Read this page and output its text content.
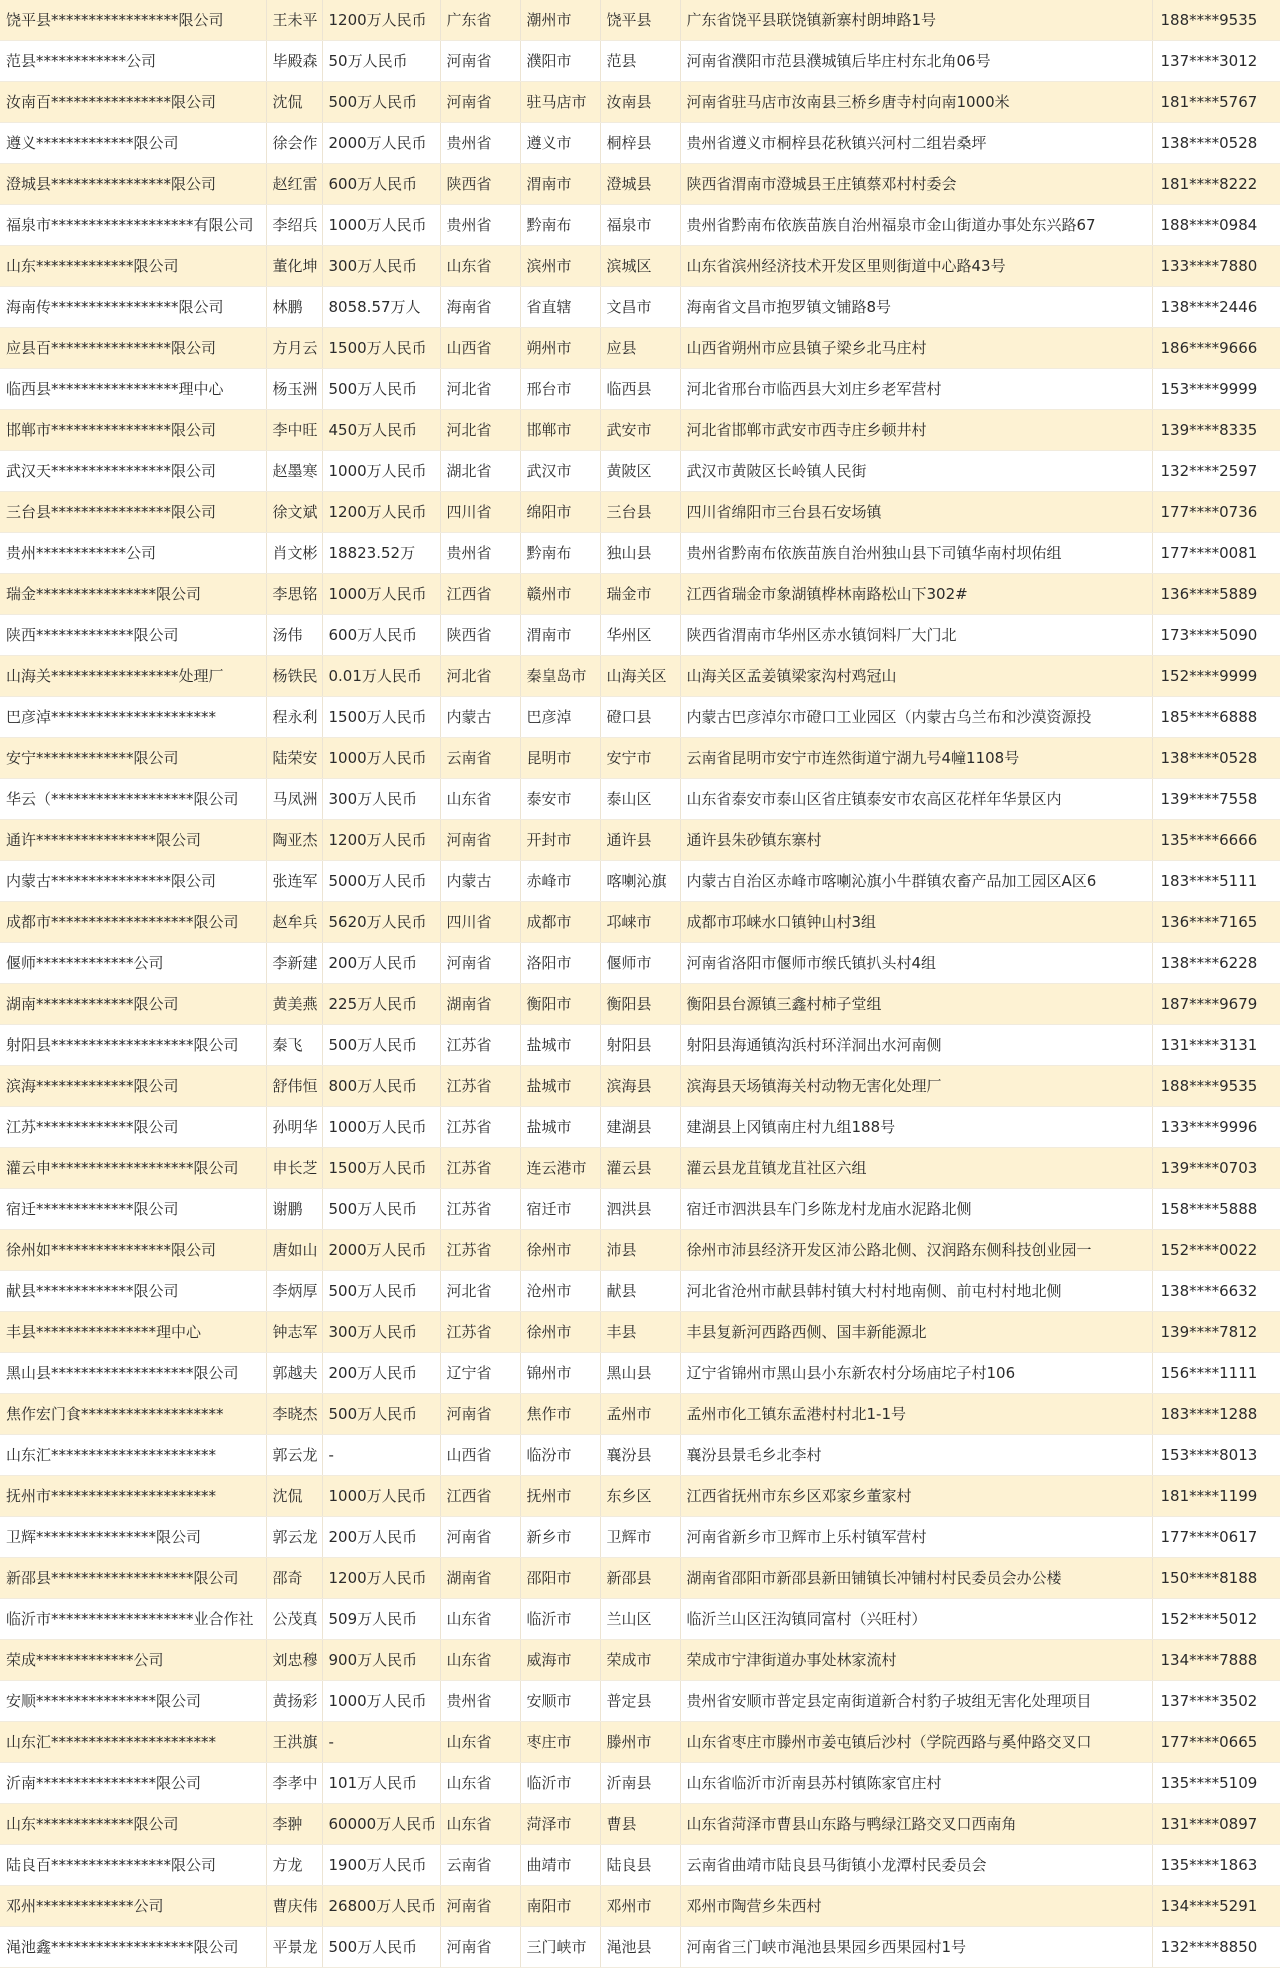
饶平县*****************限公司	王未平	1200万人民币	广东省	潮州市	饶平县	广东省饶平县联饶镇新寨村朗坤路1号	188****9535
范县************公司	毕殿森	50万人民币	河南省	濮阳市	范县	河南省濮阳市范县濮城镇后毕庄村东北角06号	137****3012
汝南百****************限公司	沈侃	500万人民币	河南省	驻马店市	汝南县	河南省驻马店市汝南县三桥乡唐寺村向南1000米	181****5767
遵义*************限公司	徐会作	2000万人民币	贵州省	遵义市	桐梓县	贵州省遵义市桐梓县花秋镇兴河村二组岩桑坪	138****0528
澄城县****************限公司	赵红雷	600万人民币	陕西省	渭南市	澄城县	陕西省渭南市澄城县王庄镇蔡邓村村委会	181****8222
福泉市*******************有限公司	李绍兵	1000万人民币	贵州省	黔南布	福泉市	贵州省黔南布依族苗族自治州福泉市金山街道办事处东兴路67	188****0984
山东*************限公司	董化坤	300万人民币	山东省	滨州市	滨城区	山东省滨州经济技术开发区里则街道中心路43号	133****7880
海南传*****************限公司	林鹏	8058.57万人	海南省	省直辖	文昌市	海南省文昌市抱罗镇文铺路8号	138****2446
应县百****************限公司	方月云	1500万人民币	山西省	朔州市	应县	山西省朔州市应县镇子梁乡北马庄村	186****9666
临西县*****************理中心	杨玉洲	500万人民币	河北省	邢台市	临西县	河北省邢台市临西县大刘庄乡老军营村	153****9999
邯郸市****************限公司	李中旺	450万人民币	河北省	邯郸市	武安市	河北省邯郸市武安市西寺庄乡顿井村	139****8335
武汉天****************限公司	赵墨寒	1000万人民币	湖北省	武汉市	黄陂区	武汉市黄陂区长岭镇人民街	132****2597
三台县****************限公司	徐文斌	1200万人民币	四川省	绵阳市	三台县	四川省绵阳市三台县石安场镇	177****0736
贵州************公司	肖文彬	18823.52万	贵州省	黔南布	独山县	贵州省黔南布依族苗族自治州独山县下司镇华南村坝佑组	177****0081
瑞金****************限公司	李思铭	1000万人民币	江西省	赣州市	瑞金市	江西省瑞金市象湖镇桦林南路松山下302#	136****5889
陕西*************限公司	汤伟	600万人民币	陕西省	渭南市	华州区	陕西省渭南市华州区赤水镇饲料厂大门北	173****5090
山海关*****************处理厂	杨铁民	0.01万人民币	河北省	秦皇岛市	山海关区	山海关区孟姜镇梁家沟村鸡冠山	152****9999
巴彦淖**********************	程永利	1500万人民币	内蒙古	巴彦淖	磴口县	内蒙古巴彦淖尔市磴口工业园区（内蒙古乌兰布和沙漠资源投	185****6888
安宁*************限公司	陆荣安	1000万人民币	云南省	昆明市	安宁市	云南省昆明市安宁市连然街道宁湖九号4幢1108号	138****0528
华云（*******************限公司	马凤洲	300万人民币	山东省	泰安市	泰山区	山东省泰安市泰山区省庄镇泰安市农高区花样年华景区内	139****7558
通许****************限公司	陶亚杰	1200万人民币	河南省	开封市	通许县	通许县朱砂镇东寨村	135****6666
内蒙古****************限公司	张连军	5000万人民币	内蒙古	赤峰市	喀喇沁旗	内蒙古自治区赤峰市喀喇沁旗小牛群镇农畜产品加工园区A区6	183****5111
成都市*******************限公司	赵牟兵	5620万人民币	四川省	成都市	邛崃市	成都市邛崃水口镇钟山村3组	136****7165
偃师*************公司	李新建	200万人民币	河南省	洛阳市	偃师市	河南省洛阳市偃师市缑氏镇扒头村4组	138****6228
湖南*************限公司	黄美燕	225万人民币	湖南省	衡阳市	衡阳县	衡阳县台源镇三鑫村柿子堂组	187****9679
射阳县*******************限公司	秦飞	500万人民币	江苏省	盐城市	射阳县	射阳县海通镇沟浜村环洋洞出水河南侧	131****3131
滨海*************限公司	舒伟恒	800万人民币	江苏省	盐城市	滨海县	滨海县天场镇海关村动物无害化处理厂	188****9535
江苏*************限公司	孙明华	1000万人民币	江苏省	盐城市	建湖县	建湖县上冈镇南庄村九组188号	133****9996
灌云申*******************限公司	申长芝	1500万人民币	江苏省	连云港市	灌云县	灌云县龙苴镇龙苴社区六组	139****0703
宿迁*************限公司	谢鹏	500万人民币	江苏省	宿迁市	泗洪县	宿迁市泗洪县车门乡陈龙村龙庙水泥路北侧	158****5888
徐州如****************限公司	唐如山	2000万人民币	江苏省	徐州市	沛县	徐州市沛县经济开发区沛公路北侧、汉润路东侧科技创业园一	152****0022
献县*************限公司	李炳厚	500万人民币	河北省	沧州市	献县	河北省沧州市献县韩村镇大村村地南侧、前屯村村地北侧	138****6632
丰县****************理中心	钟志军	300万人民币	江苏省	徐州市	丰县	丰县复新河西路西侧、国丰新能源北	139****7812
黑山县*******************限公司	郭越夫	200万人民币	辽宁省	锦州市	黑山县	辽宁省锦州市黑山县小东新农村分场庙坨子村106	156****1111
焦作宏门食*******************	李晓杰	500万人民币	河南省	焦作市	孟州市	孟州市化工镇东孟港村村北1-1号	183****1288
山东汇**********************	郭云龙	-	山西省	临汾市	襄汾县	襄汾县景毛乡北李村	153****8013
抚州市**********************	沈侃	1000万人民币	江西省	抚州市	东乡区	江西省抚州市东乡区邓家乡董家村	181****1199
卫辉****************限公司	郭云龙	200万人民币	河南省	新乡市	卫辉市	河南省新乡市卫辉市上乐村镇军营村	177****0617
新邵县*******************限公司	邵奇	1200万人民币	湖南省	邵阳市	新邵县	湖南省邵阳市新邵县新田铺镇长冲铺村村民委员会办公楼	150****8188
临沂市*******************业合作社	公茂真	509万人民币	山东省	临沂市	兰山区	临沂兰山区汪沟镇同富村（兴旺村）	152****5012
荣成*************公司	刘忠穆	900万人民币	山东省	威海市	荣成市	荣成市宁津街道办事处林家流村	134****7888
安顺****************限公司	黄扬彩	1000万人民币	贵州省	安顺市	普定县	贵州省安顺市普定县定南街道新合村豹子坡组无害化处理项目	137****3502
山东汇**********************	王洪旗	-	山东省	枣庄市	滕州市	山东省枣庄市滕州市姜屯镇后沙村（学院西路与奚仲路交叉口	177****0665
沂南****************限公司	李孝中	101万人民币	山东省	临沂市	沂南县	山东省临沂市沂南县苏村镇陈家官庄村	135****5109
山东*************限公司	李翀	60000万人民币	山东省	菏泽市	曹县	山东省菏泽市曹县山东路与鸭绿江路交叉口西南角	131****0897
陆良百****************限公司	方龙	1900万人民币	云南省	曲靖市	陆良县	云南省曲靖市陆良县马街镇小龙潭村民委员会	135****1863
邓州*************公司	曹庆伟	26800万人民币	河南省	南阳市	邓州市	邓州市陶营乡朱西村	134****5291
渑池鑫*******************限公司	平景龙	500万人民币	河南省	三门峡市	渑池县	河南省三门峡市渑池县果园乡西果园村1号	132****8850
